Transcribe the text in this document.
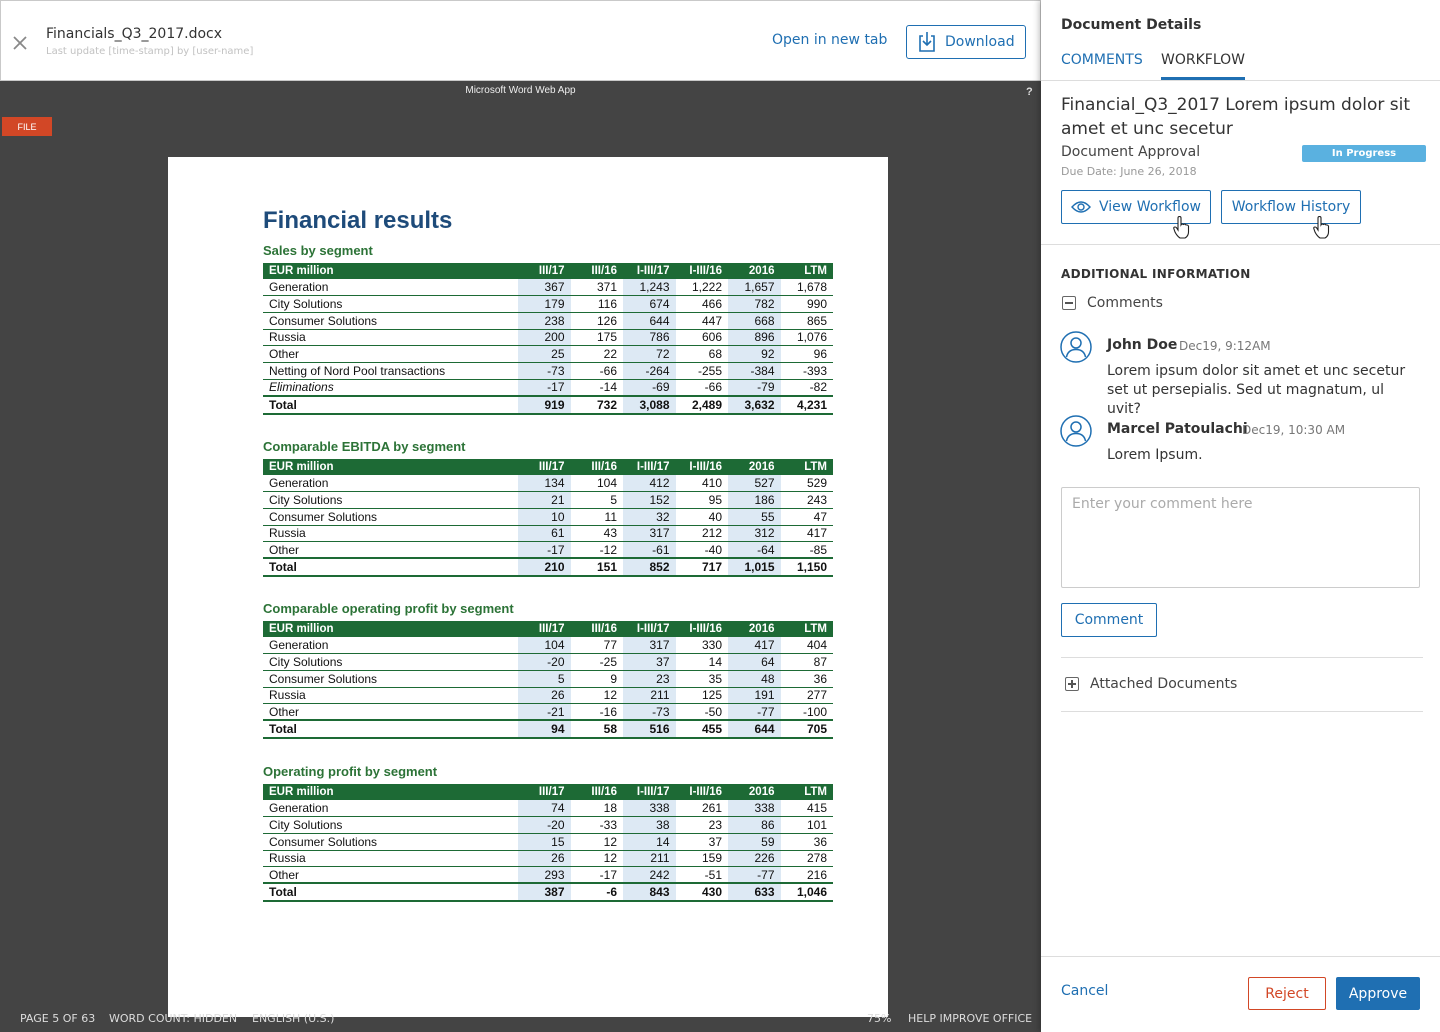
Financials_Q3_2017.docx
Last update [time-stamp] by [user-name]
Open in new tab	Download
Microsoft Word Web App	?
FILE
Financial results
Sales by segment
EUR million	III/17	III/16	I-III/17	I-III/16	2016	LTM
Generation	367	371	1,243	1,222	1,657	1,678
City Solutions	179	116	674	466	782	990
Consumer Solutions	238	126	644	447	668	865
Russia	200	175	786	606	896	1,076
Other	25	22	72	68	92	96
Netting of Nord Pool transactions	-73	-66	-264	-255	-384	-393
Eliminations	-17	-14	-69	-66	-79	-82
Total	919	732	3,088	2,489	3,632	4,231
Comparable EBITDA by segment
EUR million	III/17	III/16	I-III/17	I-III/16	2016	LTM
Generation	134	104	412	410	527	529
City Solutions	21	5	152	95	186	243
Consumer Solutions	10	11	32	40	55	47
Russia	61	43	317	212	312	417
Other	-17	-12	-61	-40	-64	-85
Total	210	151	852	717	1,015	1,150
Comparable operating profit by segment
EUR million	III/17	III/16	I-III/17	I-III/16	2016	LTM
Generation	104	77	317	330	417	404
City Solutions	-20	-25	37	14	64	87
Consumer Solutions	5	9	23	35	48	36
Russia	26	12	211	125	191	277
Other	-21	-16	-73	-50	-77	-100
Total	94	58	516	455	644	705
Operating profit by segment
EUR million	III/17	III/16	I-III/17	I-III/16	2016	LTM
Generation	74	18	338	261	338	415
City Solutions	-20	-33	38	23	86	101
Consumer Solutions	15	12	14	37	59	36
Russia	26	12	211	159	226	278
Other	293	-17	242	-51	-77	216
Total	387	-6	843	430	633	1,046
PAGE 5 OF 63 WORD COUNT: HIDDEN ENGLISH (U.S.)	75% HELP IMPROVE OFFICE
Document Details
COMMENTS WORKFLOW
Financial_Q3_2017 Lorem ipsum dolor sit amet et unc secetur
Document Approval	In Progress
Due Date: June 26, 2018
View Workflow Workflow History
ADDITIONAL INFORMATION
Comments
John Doe Dec19, 9:12AM
Lorem ipsum dolor sit amet et unc secetur set ut persepialis. Sed ut magnatum, ul uvit?
Marcel Patoulachi
Dec19, 10:30 AM
Lorem Ipsum.
Enter your comment here
Comment
Attached Documents
Cancel	Reject	Approve
